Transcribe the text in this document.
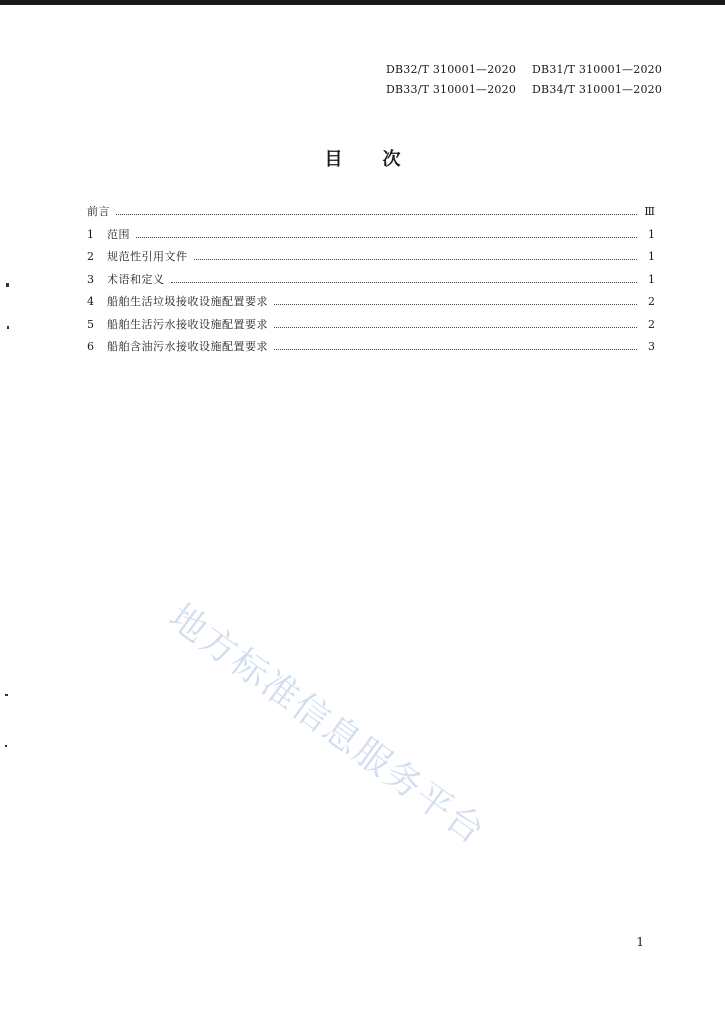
DB32/T 310001—2020 DB31/T 310001—2020
DB33/T 310001—2020 DB34/T 310001—2020
目次
前言	Ⅲ
1	范围	1
2	规范性引用文件	1
3	术语和定义	1
4	船舶生活垃圾接收设施配置要求	2
5	船舶生活污水接收设施配置要求	2
6	船舶含油污水接收设施配置要求	3
地方标准信息服务平台
1
